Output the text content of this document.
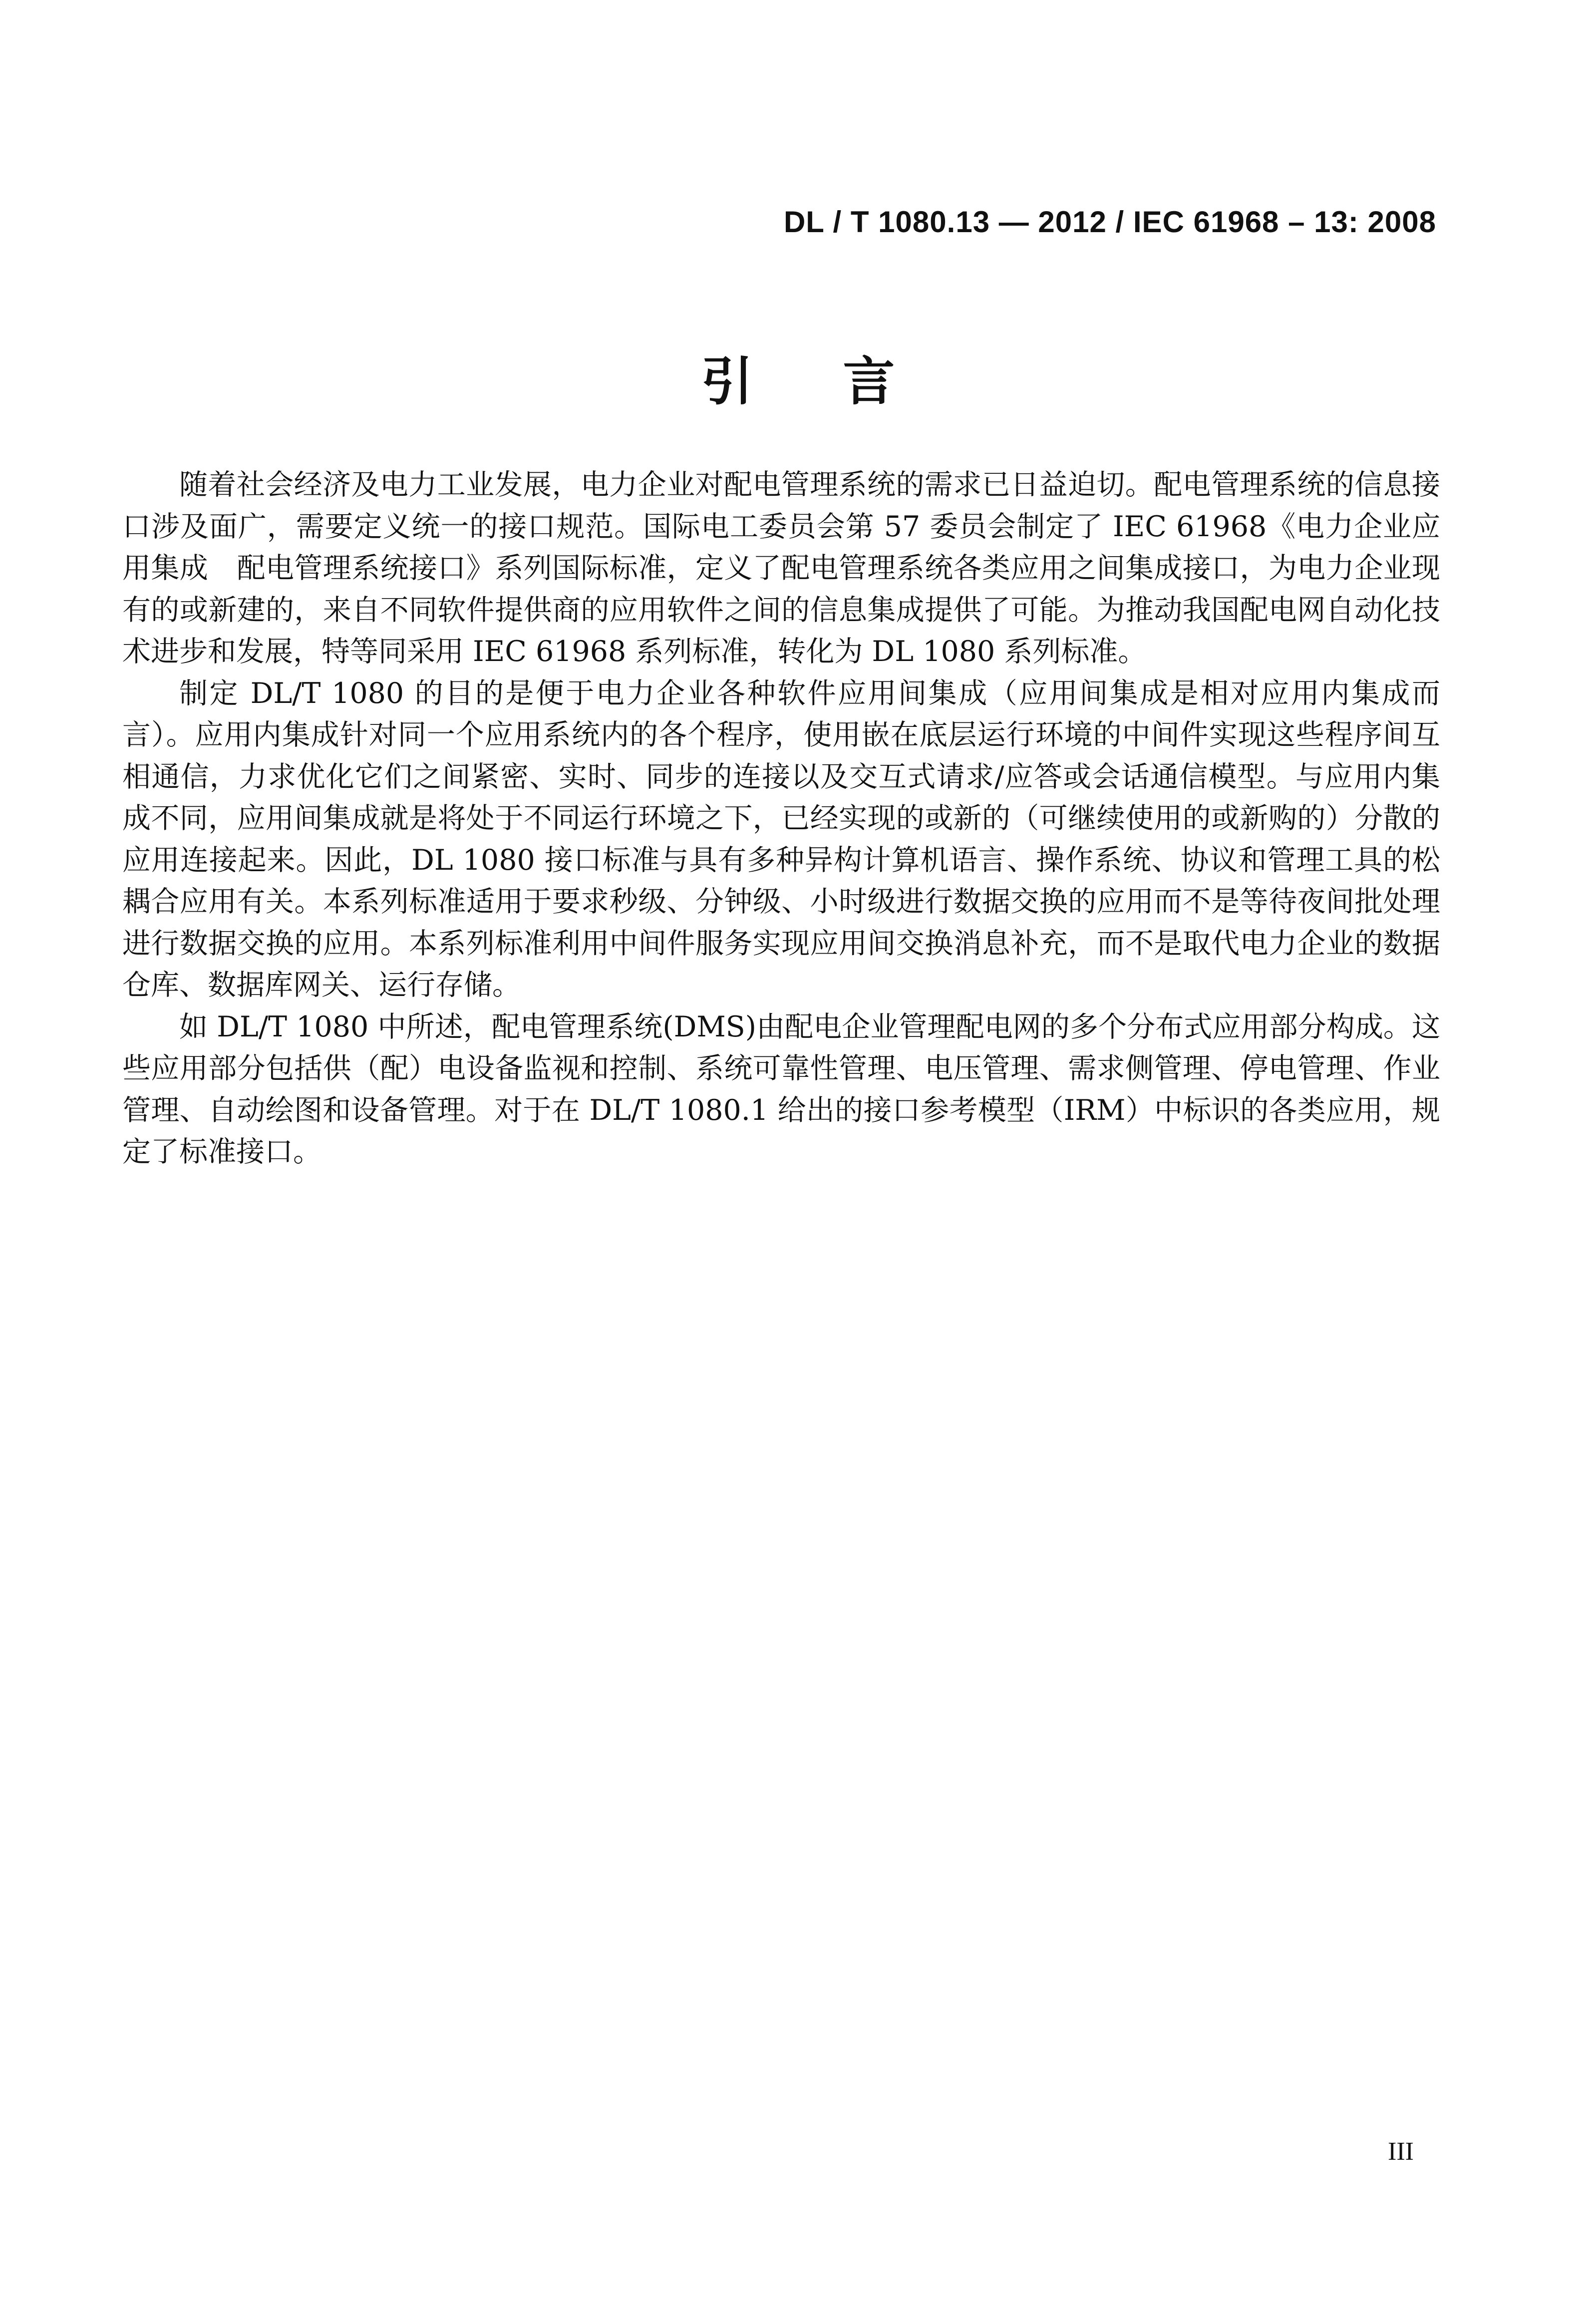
DL / T 1080.13 — 2012 / IEC 61968 – 13: 2008
引言

随着社会经济及电力工业发展，电力企业对配电管理系统的需求已日益迫切。配电管理系统的信息接口涉及面广，需要定义统一的接口规范。国际电工委员会第 57 委员会制定了 IEC 61968《电力企业应用集成　配电管理系统接口》系列国际标准，定义了配电管理系统各类应用之间集成接口，为电力企业现有的或新建的，来自不同软件提供商的应用软件之间的信息集成提供了可能。为推动我国配电网自动化技术进步和发展，特等同采用 IEC 61968 系列标准，转化为 DL 1080 系列标准。

制定 DL/T 1080 的目的是便于电力企业各种软件应用间集成（应用间集成是相对应用内集成而言）。应用内集成针对同一个应用系统内的各个程序，使用嵌在底层运行环境的中间件实现这些程序间互相通信，力求优化它们之间紧密、实时、同步的连接以及交互式请求/应答或会话通信模型。与应用内集成不同，应用间集成就是将处于不同运行环境之下，已经实现的或新的（可继续使用的或新购的）分散的应用连接起来。因此，DL 1080 接口标准与具有多种异构计算机语言、操作系统、协议和管理工具的松耦合应用有关。本系列标准适用于要求秒级、分钟级、小时级进行数据交换的应用而不是等待夜间批处理进行数据交换的应用。本系列标准利用中间件服务实现应用间交换消息补充，而不是取代电力企业的数据仓库、数据库网关、运行存储。

如 DL/T 1080 中所述，配电管理系统(DMS)由配电企业管理配电网的多个分布式应用部分构成。这些应用部分包括供（配）电设备监视和控制、系统可靠性管理、电压管理、需求侧管理、停电管理、作业管理、自动绘图和设备管理。对于在 DL/T 1080.1 给出的接口参考模型（IRM）中标识的各类应用，规定了标准接口。

III
